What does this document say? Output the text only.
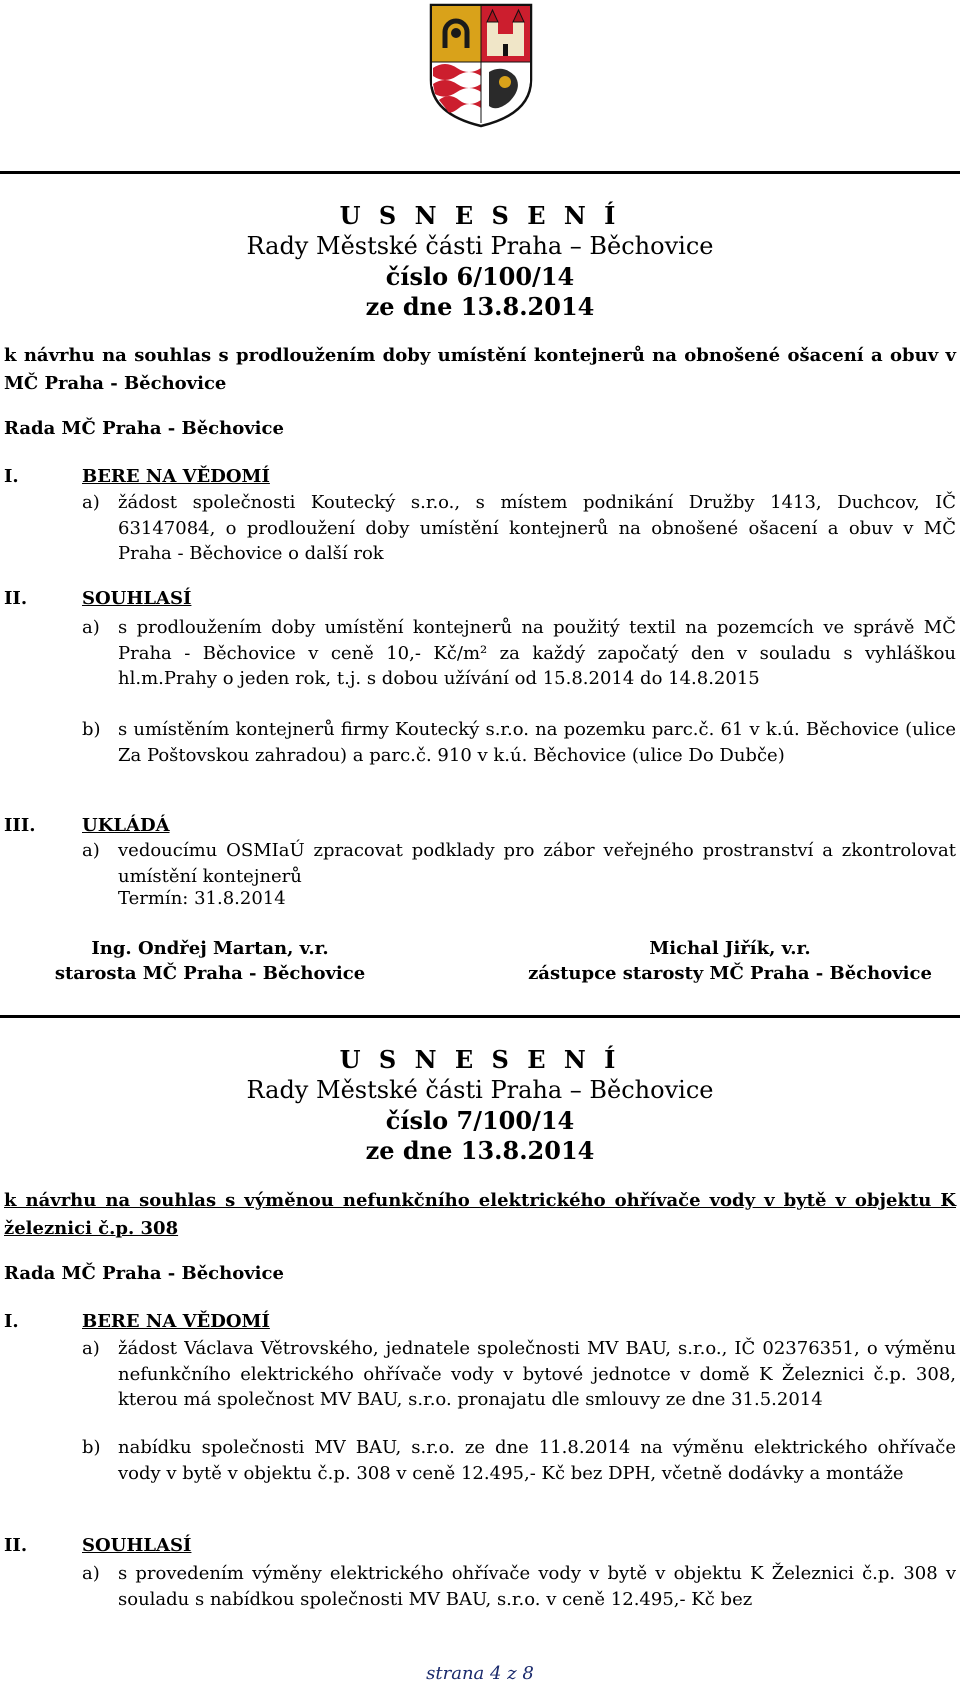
U S N E S E N Í
Rady Městské části Praha – Běchovice
číslo 6/100/14
ze dne 13.8.2014
k návrhu na souhlas s prodloužením doby umístění kontejnerů na obnošené ošacení a obuv v MČ Praha - Běchovice
Rada MČ Praha - Běchovice
I.	BERE NA VĚDOMÍ
a) žádost společnosti Koutecký s.r.o., s místem podnikání Družby 1413, Duchcov, IČ 63147084, o prodloužení doby umístění kontejnerů na obnošené ošacení a obuv v MČ Praha - Běchovice o další rok
II.	SOUHLASÍ
a) s prodloužením doby umístění kontejnerů na použitý textil na pozemcích ve správě MČ Praha - Běchovice v ceně 10,- Kč/m² za každý započatý den v souladu s vyhláškou hl.m.Prahy o jeden rok, t.j. s dobou užívání od 15.8.2014 do 14.8.2015
b) s umístěním kontejnerů firmy Koutecký s.r.o. na pozemku parc.č. 61 v k.ú. Běchovice (ulice Za Poštovskou zahradou) a parc.č. 910 v k.ú. Běchovice (ulice Do Dubče)
III.	UKLÁDÁ
a) vedoucímu OSMIaÚ zpracovat podklady pro zábor veřejného prostranství a zkontrolovat umístění kontejnerů
Termín: 31.8.2014
Ing. Ondřej Martan, v.r.
starosta MČ Praha - Běchovice
Michal Jiřík, v.r.
zástupce starosty MČ Praha - Běchovice
U S N E S E N Í
Rady Městské části Praha – Běchovice
číslo 7/100/14
ze dne 13.8.2014
k návrhu na souhlas s výměnou nefunkčního elektrického ohřívače vody v bytě v objektu K železnici č.p. 308
Rada MČ Praha - Běchovice
I.	BERE NA VĚDOMÍ
a) žádost Václava Větrovského, jednatele společnosti MV BAU, s.r.o., IČ 02376351, o výměnu nefunkčního elektrického ohřívače vody v bytové jednotce v domě K Železnici č.p. 308, kterou má společnost MV BAU, s.r.o. pronajatu dle smlouvy ze dne 31.5.2014
b) nabídku společnosti MV BAU, s.r.o. ze dne 11.8.2014 na výměnu elektrického ohřívače vody v bytě v objektu č.p. 308 v ceně 12.495,- Kč bez DPH, včetně dodávky a montáže
II.	SOUHLASÍ
a) s provedením výměny elektrického ohřívače vody v bytě v objektu K Železnici č.p. 308 v souladu s nabídkou společnosti MV BAU, s.r.o. v ceně 12.495,- Kč bez
strana 4 z 8
